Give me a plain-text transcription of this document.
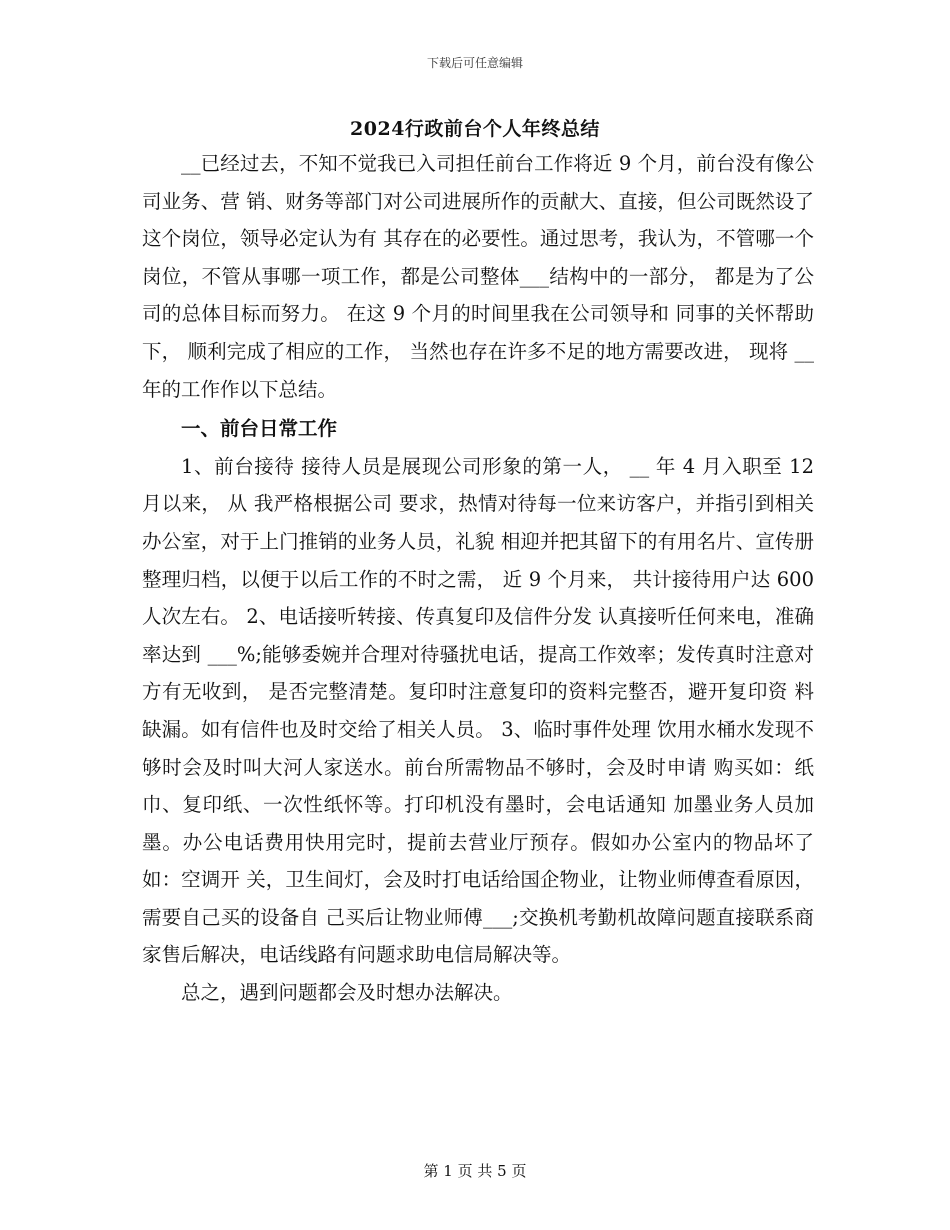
下载后可任意编辑

2024行政前台个人年终总结

__已经过去，不知不觉我已入司担任前台工作将近 9 个月，前台没有像公司业务、营 销、财务等部门对公司进展所作的贡献大、直接，但公司既然设了这个岗位，领导必定认为有 其存在的必要性。通过思考，我认为，不管哪一个岗位，不管从事哪一项工作，都是公司整体___结构中的一部分， 都是为了公司的总体目标而努力。 在这 9 个月的时间里我在公司领导和 同事的关怀帮助下， 顺利完成了相应的工作， 当然也存在许多不足的地方需要改进， 现将 __年的工作作以下总结。

一、前台日常工作

1、前台接待 接待人员是展现公司形象的第一人， __ 年 4 月入职至 12 月以来， 从 我严格根据公司 要求，热情对待每一位来访客户，并指引到相关办公室，对于上门推销的业务人员，礼貌 相迎并把其留下的有用名片、宣传册整理归档，以便于以后工作的不时之需， 近 9 个月来， 共计接待用户达 600 人次左右。 2、电话接听转接、传真复印及信件分发 认真接听任何来电，准确率达到 ___%;能够委婉并合理对待骚扰电话，提高工作效率；发传真时注意对方有无收到， 是否完整清楚。复印时注意复印的资料完整否，避开复印资 料缺漏。如有信件也及时交给了相关人员。 3、临时事件处理 饮用水桶水发现不够时会及时叫大河人家送水。前台所需物品不够时，会及时申请 购买如：纸巾、复印纸、一次性纸怀等。打印机没有墨时，会电话通知 加墨业务人员加 墨。办公电话费用快用完时，提前去营业厅预存。假如办公室内的物品坏了如：空调开 关，卫生间灯，会及时打电话给国企物业，让物业师傅查看原因，需要自己买的设备自 己买后让物业师傅___;交换机考勤机故障问题直接联系商家售后解决，电话线路有问题求助电信局解决等。

总之，遇到问题都会及时想办法解决。

第 1 页 共 5 页
